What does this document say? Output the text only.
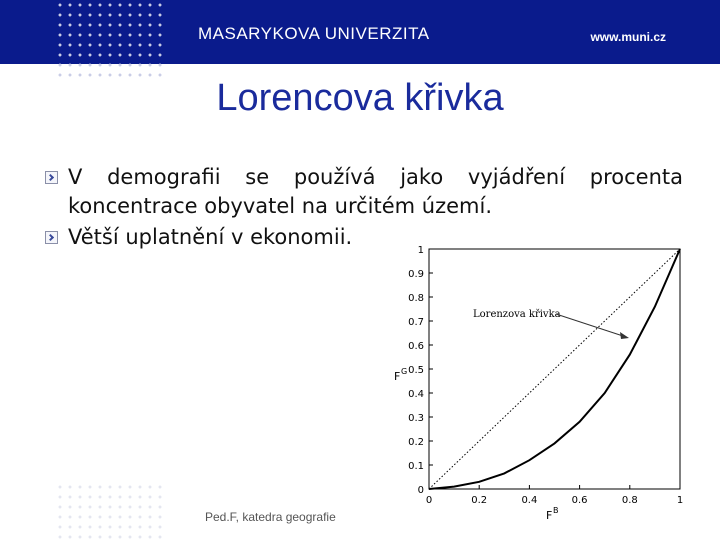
MASARYKOVA UNIVERZITA	www.muni.cz
Lorencova křivka
V demografii se používá jako vyjádření procenta koncentrace obyvatel na určitém území.
Větší uplatnění v ekonomii.
0
0.1
0.2
0.3
0.4
0.5
0.6
0.7
0.8
0.9
1
0	0.2	0.4	0.6	0.8	1
F G
F B
Lorenzova křivka
Ped.F, katedra geografie
